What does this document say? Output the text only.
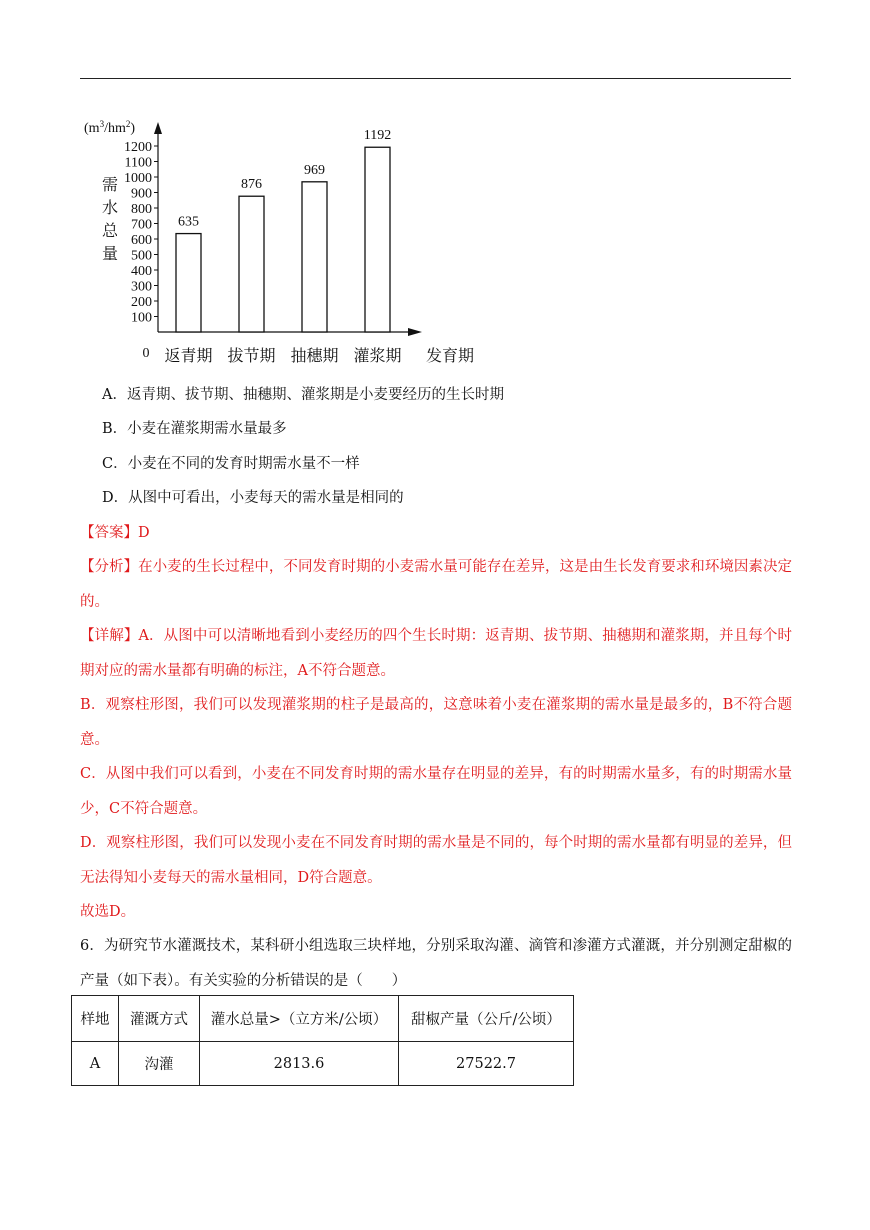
0
100
200
300
400
500
600
700
800
900
1000
1100
1200
635
876
969
1192
返青期 拔节期 抽穗期 灌浆期
$(m^3/hm^2)$
需水总量
发育期
A．返青期、拔节期、抽穗期、灌浆期是小麦要经历的生长时期
B．小麦在灌浆期需水量最多
C．小麦在不同的发育时期需水量不一样
D．从图中可看出，小麦每天的需水量是相同的
【答案】D
【分析】在小麦的生长过程中，不同发育时期的小麦需水量可能存在差异，这是由生长发育要求和环境因素决定的。
【详解】A．从图中可以清晰地看到小麦经历的四个生长时期：返青期、拔节期、抽穗期和灌浆期，并且每个时期对应的需水量都有明确的标注，A不符合题意。
B．观察柱形图，我们可以发现灌浆期的柱子是最高的，这意味着小麦在灌浆期的需水量是最多的，B不符合题意。
C．从图中我们可以看到，小麦在不同发育时期的需水量存在明显的差异，有的时期需水量多，有的时期需水量少，C不符合题意。
D．观察柱形图，我们可以发现小麦在不同发育时期的需水量是不同的，每个时期的需水量都有明显的差异，但无法得知小麦每天的需水量相同，D符合题意。
故选D。
6．为研究节水灌溉技术，某科研小组选取三块样地，分别采取沟灌、滴管和渗灌方式灌溉，并分别测定甜椒的产量（如下表）。有关实验的分析错误的是（　　）
样地	灌溉方式	灌水总量>（立方米/公顷）	甜椒产量（公斤/公顷）
A	沟灌	2813.6	27522.7
